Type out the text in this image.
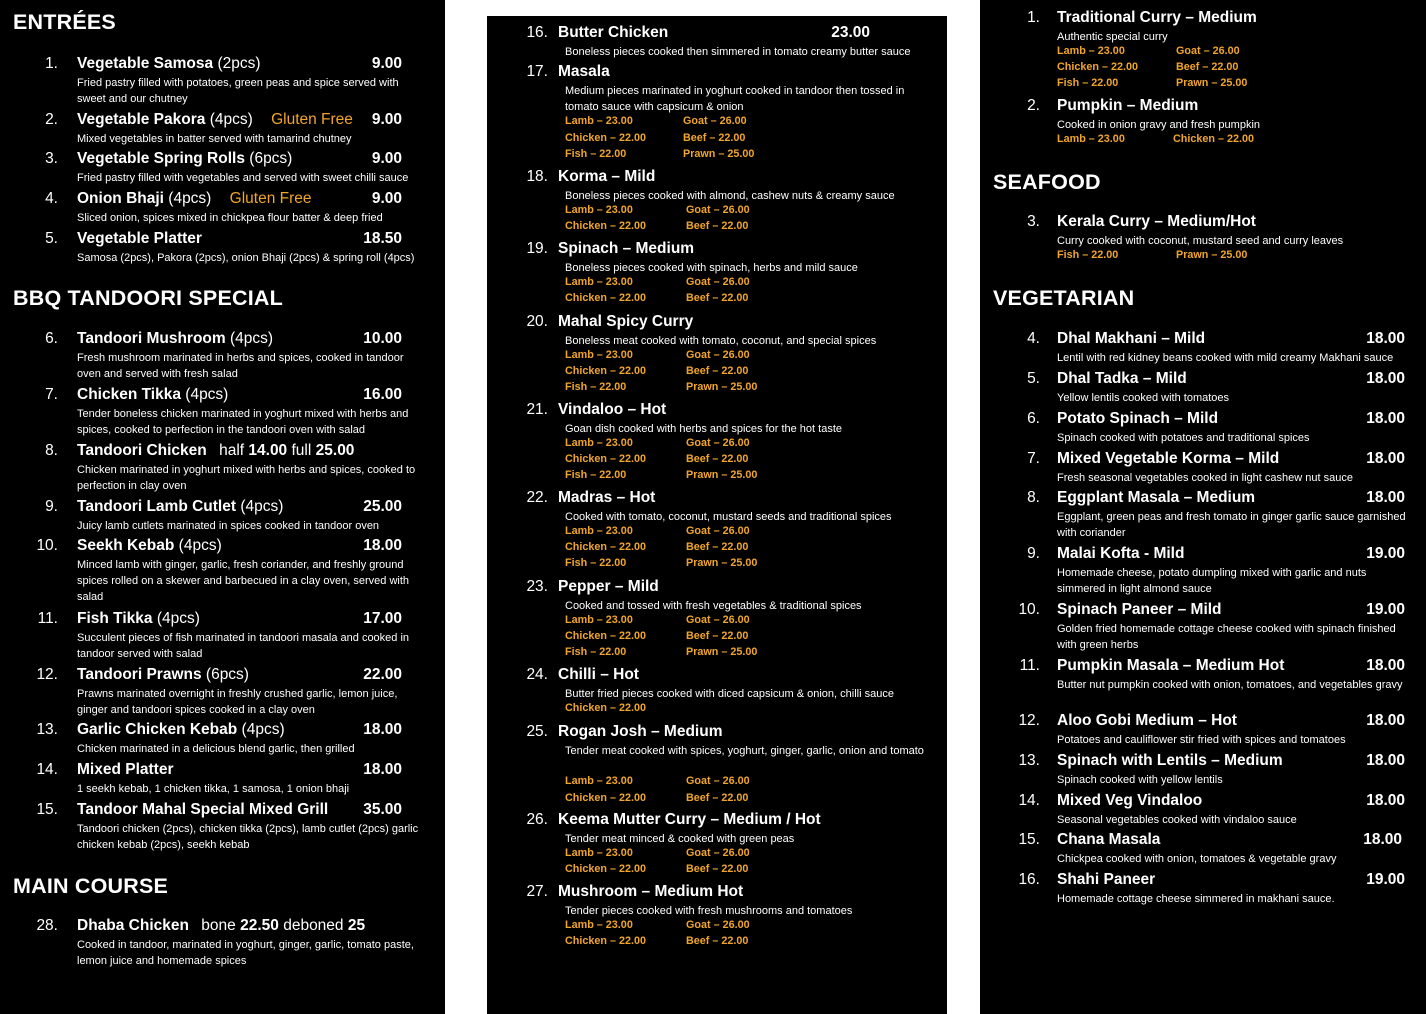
ENTRÉES
1. Vegetable Samosa (2pcs)	9.00
Fried pastry filled with potatoes, green peas and spice served with sweet and our chutney
2. Vegetable Pakora (4pcs) Gluten Free	9.00
Mixed vegetables in batter served with tamarind chutney
3. Vegetable Spring Rolls (6pcs)	9.00
Fried pastry filled with vegetables and served with sweet chilli sauce
4. Onion Bhaji (4pcs) Gluten Free	9.00
Sliced onion, spices mixed in chickpea flour batter & deep fried
5. Vegetable Platter	18.50
Samosa (2pcs), Pakora (2pcs), onion Bhaji (2pcs) & spring roll (4pcs)
BBQ TANDOORI SPECIAL
6. Tandoori Mushroom (4pcs)	10.00
Fresh mushroom marinated in herbs and spices, cooked in tandoor oven and served with fresh salad
7. Chicken Tikka (4pcs)	16.00
Tender boneless chicken marinated in yoghurt mixed with herbs and spices, cooked to perfection in the tandoori oven with salad
8. Tandoori Chicken half 14.00 full 25.00
Chicken marinated in yoghurt mixed with herbs and spices, cooked to perfection in clay oven
9. Tandoori Lamb Cutlet (4pcs)	25.00
Juicy lamb cutlets marinated in spices cooked in tandoor oven
10. Seekh Kebab (4pcs)	18.00
Minced lamb with ginger, garlic, fresh coriander, and freshly ground spices rolled on a skewer and barbecued in a clay oven, served with salad
11. Fish Tikka (4pcs)	17.00
Succulent pieces of fish marinated in tandoori masala and cooked in tandoor served with salad
12. Tandoori Prawns (6pcs)	22.00
Prawns marinated overnight in freshly crushed garlic, lemon juice, ginger and tandoori spices cooked in a clay oven
13. Garlic Chicken Kebab (4pcs)	18.00
Chicken marinated in a delicious blend garlic, then grilled
14. Mixed Platter	18.00
1 seekh kebab, 1 chicken tikka, 1 samosa, 1 onion bhaji
15. Tandoor Mahal Special Mixed Grill	35.00
Tandoori chicken (2pcs), chicken tikka (2pcs), lamb cutlet (2pcs) garlic chicken kebab (2pcs), seekh kebab
MAIN COURSE
28. Dhaba Chicken bone 22.50 deboned 25
Cooked in tandoor, marinated in yoghurt, ginger, garlic, tomato paste, lemon juice and homemade spices
16. Butter Chicken	23.00
Boneless pieces cooked then simmered in tomato creamy butter sauce
17. Masala
Medium pieces marinated in yoghurt cooked in tandoor then tossed in tomato sauce with capsicum & onion
Lamb – 23.00	Goat – 26.00
Chicken – 22.00	Beef – 22.00
Fish – 22.00	Prawn – 25.00
18. Korma – Mild
Boneless pieces cooked with almond, cashew nuts & creamy sauce
Lamb – 23.00	Goat – 26.00
Chicken – 22.00	Beef – 22.00
19. Spinach – Medium
Boneless pieces cooked with spinach, herbs and mild sauce
Lamb – 23.00	Goat – 26.00
Chicken – 22.00	Beef – 22.00
20. Mahal Spicy Curry
Boneless meat cooked with tomato, coconut, and special spices
Lamb – 23.00	Goat – 26.00
Chicken – 22.00	Beef – 22.00
Fish – 22.00	Prawn – 25.00
21. Vindaloo – Hot
Goan dish cooked with herbs and spices for the hot taste
Lamb – 23.00	Goat – 26.00
Chicken – 22.00	Beef – 22.00
Fish – 22.00	Prawn – 25.00
22. Madras – Hot
Cooked with tomato, coconut, mustard seeds and traditional spices
Lamb – 23.00	Goat – 26.00
Chicken – 22.00	Beef – 22.00
Fish – 22.00	Prawn – 25.00
23. Pepper – Mild
Cooked and tossed with fresh vegetables & traditional spices
Lamb – 23.00	Goat – 26.00
Chicken – 22.00	Beef – 22.00
Fish – 22.00	Prawn – 25.00
24. Chilli – Hot
Butter fried pieces cooked with diced capsicum & onion, chilli sauce
Chicken – 22.00
25. Rogan Josh – Medium
Tender meat cooked with spices, yoghurt, ginger, garlic, onion and tomato
Lamb – 23.00	Goat – 26.00
Chicken – 22.00	Beef – 22.00
26. Keema Mutter Curry – Medium / Hot
Tender meat minced & cooked with green peas
Lamb – 23.00	Goat – 26.00
Chicken – 22.00	Beef – 22.00
27. Mushroom – Medium Hot
Tender pieces cooked with fresh mushrooms and tomatoes
Lamb – 23.00	Goat – 26.00
Chicken – 22.00	Beef – 22.00
1. Traditional Curry – Medium
Authentic special curry
Lamb – 23.00	Goat – 26.00
Chicken – 22.00	Beef – 22.00
Fish – 22.00	Prawn – 25.00
2. Pumpkin – Medium
Cooked in onion gravy and fresh pumpkin
Lamb – 23.00	Chicken – 22.00
SEAFOOD
3. Kerala Curry – Medium/Hot
Curry cooked with coconut, mustard seed and curry leaves
Fish – 22.00	Prawn – 25.00
VEGETARIAN
4. Dhal Makhani – Mild	18.00
Lentil with red kidney beans cooked with mild creamy Makhani sauce
5. Dhal Tadka – Mild	18.00
Yellow lentils cooked with tomatoes
6. Potato Spinach – Mild	18.00
Spinach cooked with potatoes and traditional spices
7. Mixed Vegetable Korma – Mild	18.00
Fresh seasonal vegetables cooked in light cashew nut sauce
8. Eggplant Masala – Medium	18.00
Eggplant, green peas and fresh tomato in ginger garlic sauce garnished with coriander
9. Malai Kofta - Mild	19.00
Homemade cheese, potato dumpling mixed with garlic and nuts simmered in light almond sauce
10. Spinach Paneer – Mild	19.00
Golden fried homemade cottage cheese cooked with spinach finished with green herbs
11. Pumpkin Masala – Medium Hot	18.00
Butter nut pumpkin cooked with onion, tomatoes, and vegetables gravy
12. Aloo Gobi Medium – Hot	18.00
Potatoes and cauliflower stir fried with spices and tomatoes
13. Spinach with Lentils – Medium	18.00
Spinach cooked with yellow lentils
14. Mixed Veg Vindaloo	18.00
Seasonal vegetables cooked with vindaloo sauce
15. Chana Masala	18.00
Chickpea cooked with onion, tomatoes & vegetable gravy
16. Shahi Paneer	19.00
Homemade cottage cheese simmered in makhani sauce.
